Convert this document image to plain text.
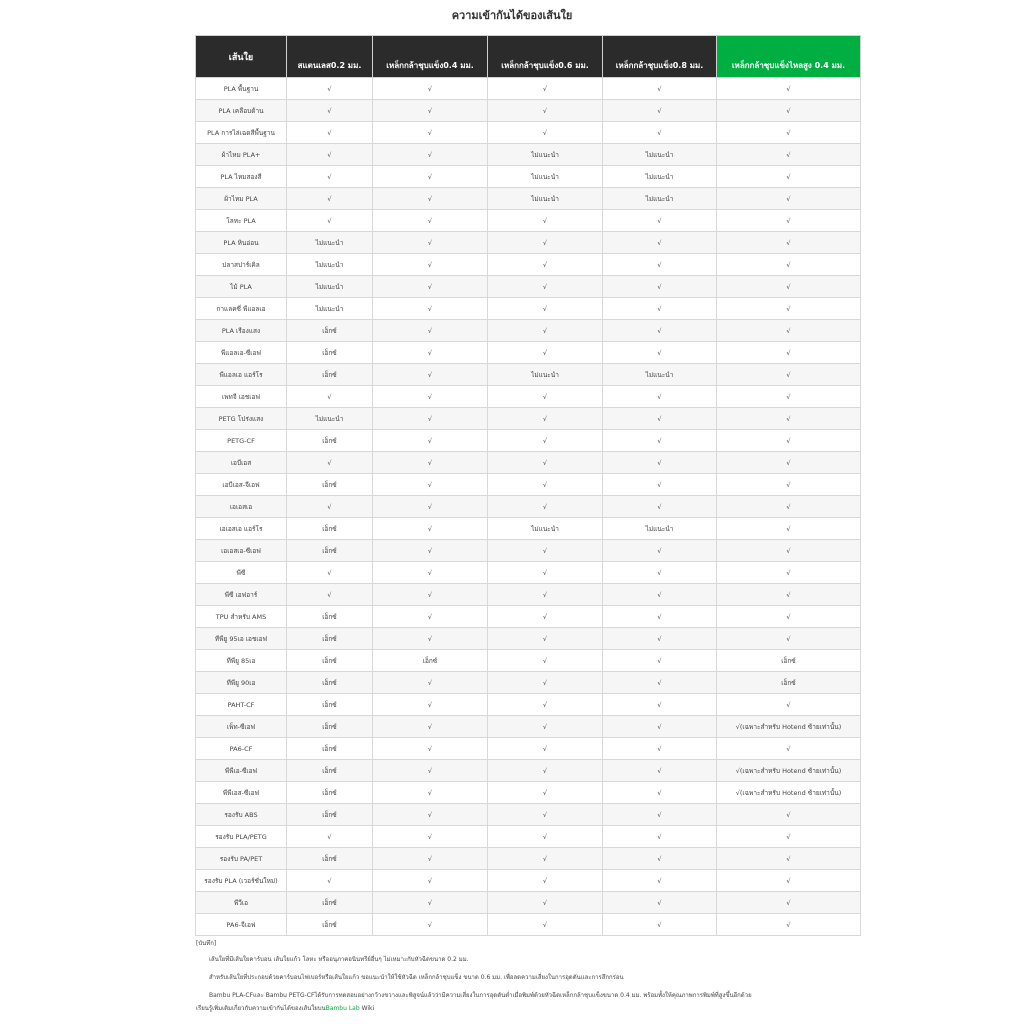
ความเข้ากันได้ของเส้นใย
เส้นใย	สแตนเลส0.2 มม.	เหล็กกล้าชุบแข็ง0.4 มม.	เหล็กกล้าชุบแข็ง0.6 มม.	เหล็กกล้าชุบแข็ง0.8 มม.	เหล็กกล้าชุบแข็งไหลสูง 0.4 มม.
PLA พื้นฐาน	√	√	√	√	√
PLA เคลือบด้าน	√	√	√	√	√
PLA การไล่เฉดสีพื้นฐาน	√	√	√	√	√
ผ้าไหม PLA+	√	√	ไม่แนะนำ	ไม่แนะนำ	√
PLA ไหมสองสี	√	√	ไม่แนะนำ	ไม่แนะนำ	√
ผ้าไหม PLA	√	√	ไม่แนะนำ	ไม่แนะนำ	√
โลหะ PLA	√	√	√	√	√
PLA หินอ่อน	ไม่แนะนำ	√	√	√	√
ปลาสปาร์เคิล	ไม่แนะนำ	√	√	√	√
ไม้ PLA	ไม่แนะนำ	√	√	√	√
กาแลคซี่ พีแอลเอ	ไม่แนะนำ	√	√	√	√
PLA เรืองแสง	เอ็กซ์	√	√	√	√
พีแอลเอ-ซีเอฟ	เอ็กซ์	√	√	√	√
พีแอลเอ แอร์โร	เอ็กซ์	√	ไม่แนะนำ	ไม่แนะนำ	√
เพทจี เอชเอฟ	√	√	√	√	√
PETG โปร่งแสง	ไม่แนะนำ	√	√	√	√
PETG-CF	เอ็กซ์	√	√	√	√
เอบีเอส	√	√	√	√	√
เอบีเอส-จีเอฟ	เอ็กซ์	√	√	√	√
เอเอสเอ	√	√	√	√	√
เอเอสเอ แอร์โร	เอ็กซ์	√	ไม่แนะนำ	ไม่แนะนำ	√
เอเอสเอ-ซีเอฟ	เอ็กซ์	√	√	√	√
พีซี	√	√	√	√	√
พีซี เอฟอาร์	√	√	√	√	√
TPU สำหรับ AMS	เอ็กซ์	√	√	√	√
ทีพียู 95เอ เอชเอฟ	เอ็กซ์	√	√	√	√
ทีพียู 85เอ	เอ็กซ์	เอ็กซ์	√	√	เอ็กซ์
ทีพียู 90เอ	เอ็กซ์	√	√	√	เอ็กซ์
PAHT-CF	เอ็กซ์	√	√	√	√
เพ็ท-ซีเอฟ	เอ็กซ์	√	√	√	√(เฉพาะสำหรับ Hotend ซ้ายเท่านั้น)
PA6-CF	เอ็กซ์	√	√	√	√
พีพีเอ-ซีเอฟ	เอ็กซ์	√	√	√	√(เฉพาะสำหรับ Hotend ซ้ายเท่านั้น)
พีพีเอส-ซีเอฟ	เอ็กซ์	√	√	√	√(เฉพาะสำหรับ Hotend ซ้ายเท่านั้น)
รองรับ ABS	เอ็กซ์	√	√	√	√
รองรับ PLA/PETG	√	√	√	√	√
รองรับ PA/PET	เอ็กซ์	√	√	√	√
รองรับ PLA (เวอร์ชั่นใหม่)	√	√	√	√	√
พีวีเอ	เอ็กซ์	√	√	√	√
PA6-จีเอฟ	เอ็กซ์	√	√	√	√
[บันทึก]
เส้นใยที่มีเส้นใยคาร์บอน เส้นใยแก้ว โลหะ หรืออนุภาคอนินทรีย์อื่นๆ ไม่เหมาะกับหัวฉีดขนาด 0.2 มม.
สำหรับเส้นใยที่ประกอบด้วยคาร์บอนไฟเบอร์หรือเส้นใยแก้ว ขอแนะนำให้ใช้หัวฉีด เหล็กกล้าชุบแข็ง ขนาด 0.6 มม. เพื่อลดความเสี่ยงในการอุดตันและการสึกกร่อน
Bambu PLA-CFและ Bambu PETG-CFได้รับการทดสอบอย่างกว้างขวางและพิสูจน์แล้วว่ามีความเสี่ยงในการอุดตันต่ำเมื่อพิมพ์ด้วยหัวฉีดเหล็กกล้าชุบแข็งขนาด 0.4 มม. พร้อมทั้งให้คุณภาพการพิมพ์ที่สูงขึ้นอีกด้วย
เรียนรู้เพิ่มเติมเกี่ยวกับความเข้ากันได้ของเส้นใยบนBambu Lab Wiki
